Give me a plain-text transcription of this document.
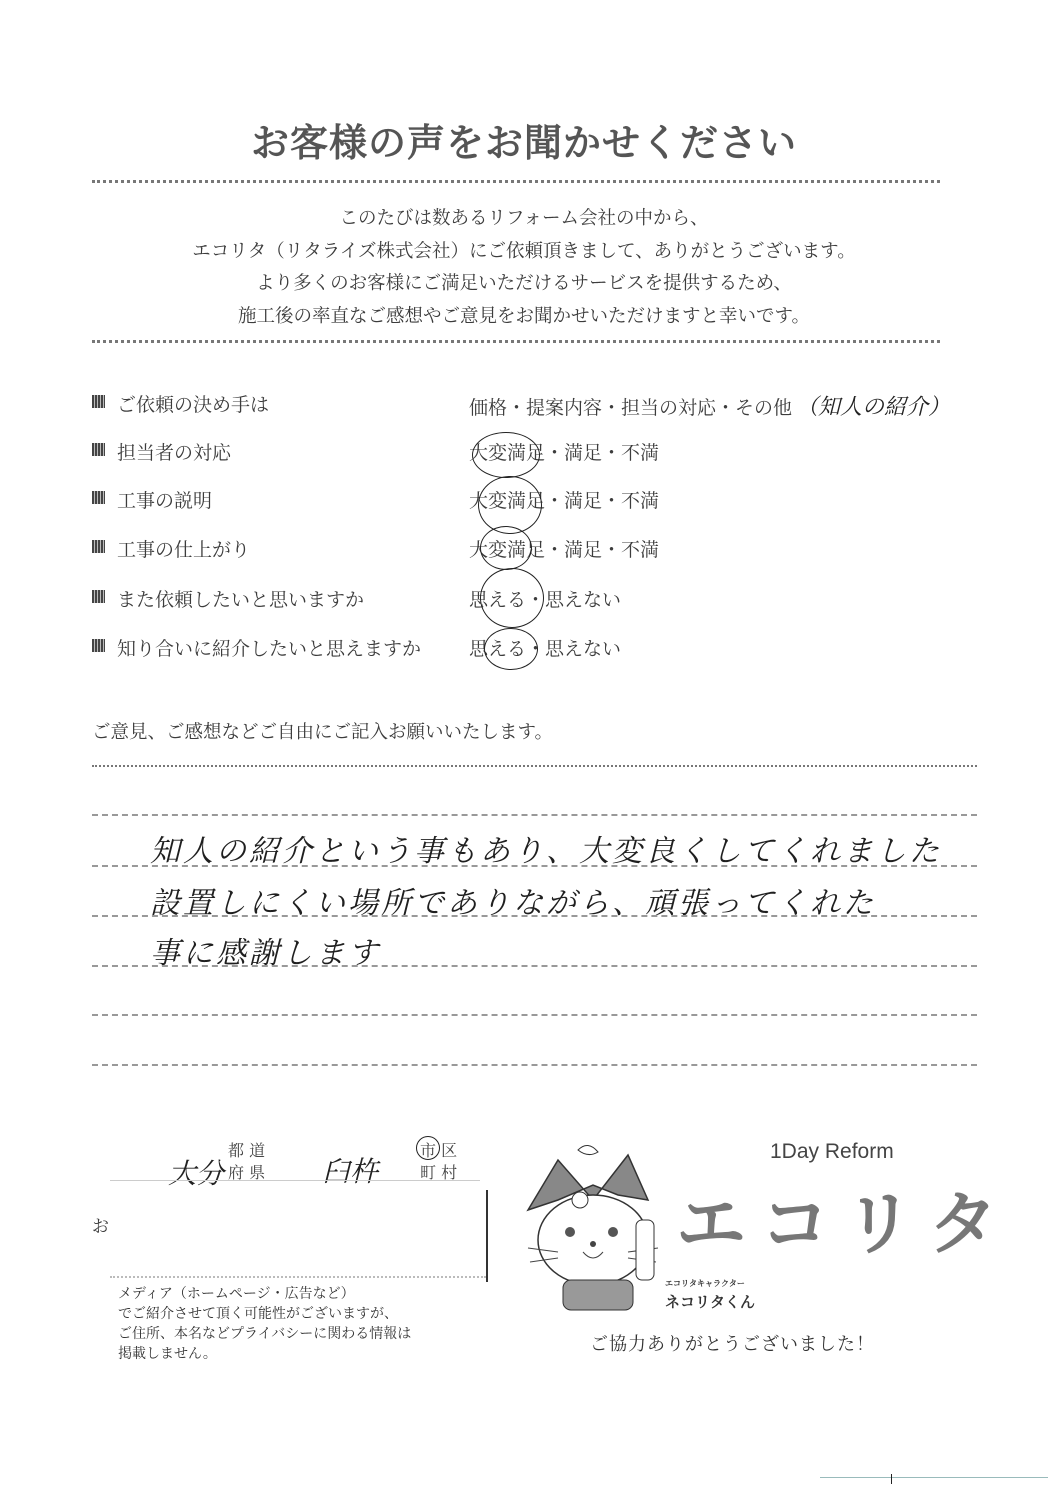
お客様の声をお聞かせください
このたびは数あるリフォーム会社の中から、
エコリタ（リタライズ株式会社）にご依頼頂きまして、ありがとうございます。
より多くのお客様にご満足いただけるサービスを提供するため、
施工後の率直なご感想やご意見をお聞かせいただけますと幸いです。
ご依頼の決め手は	価格・提案内容・担当の対応・その他 （知人の紹介）
担当者の対応	大変満足・満足・不満
工事の説明	大変満足・満足・不満
工事の仕上がり	大変満足・満足・不満
また依頼したいと思いますか	思える・思えない
知り合いに紹介したいと思えますか	思える・思えない
ご意見、ご感想などご自由にご記入お願いいたします。
知人の紹介という事もあり、大変良くしてくれました
設置しにくい場所でありながら、頑張ってくれた
事に感謝します
大分
都 道
府 県 臼杵
市 区
町 村
お
メディア（ホームページ・広告など）
でご紹介させて頂く可能性がございますが、
ご住所、本名などプライバシーに関わる情報は
掲載しません。
エコリタキャラクター
ネコリタくん
1Day Reform
エコリタ
ご協力ありがとうございました！
